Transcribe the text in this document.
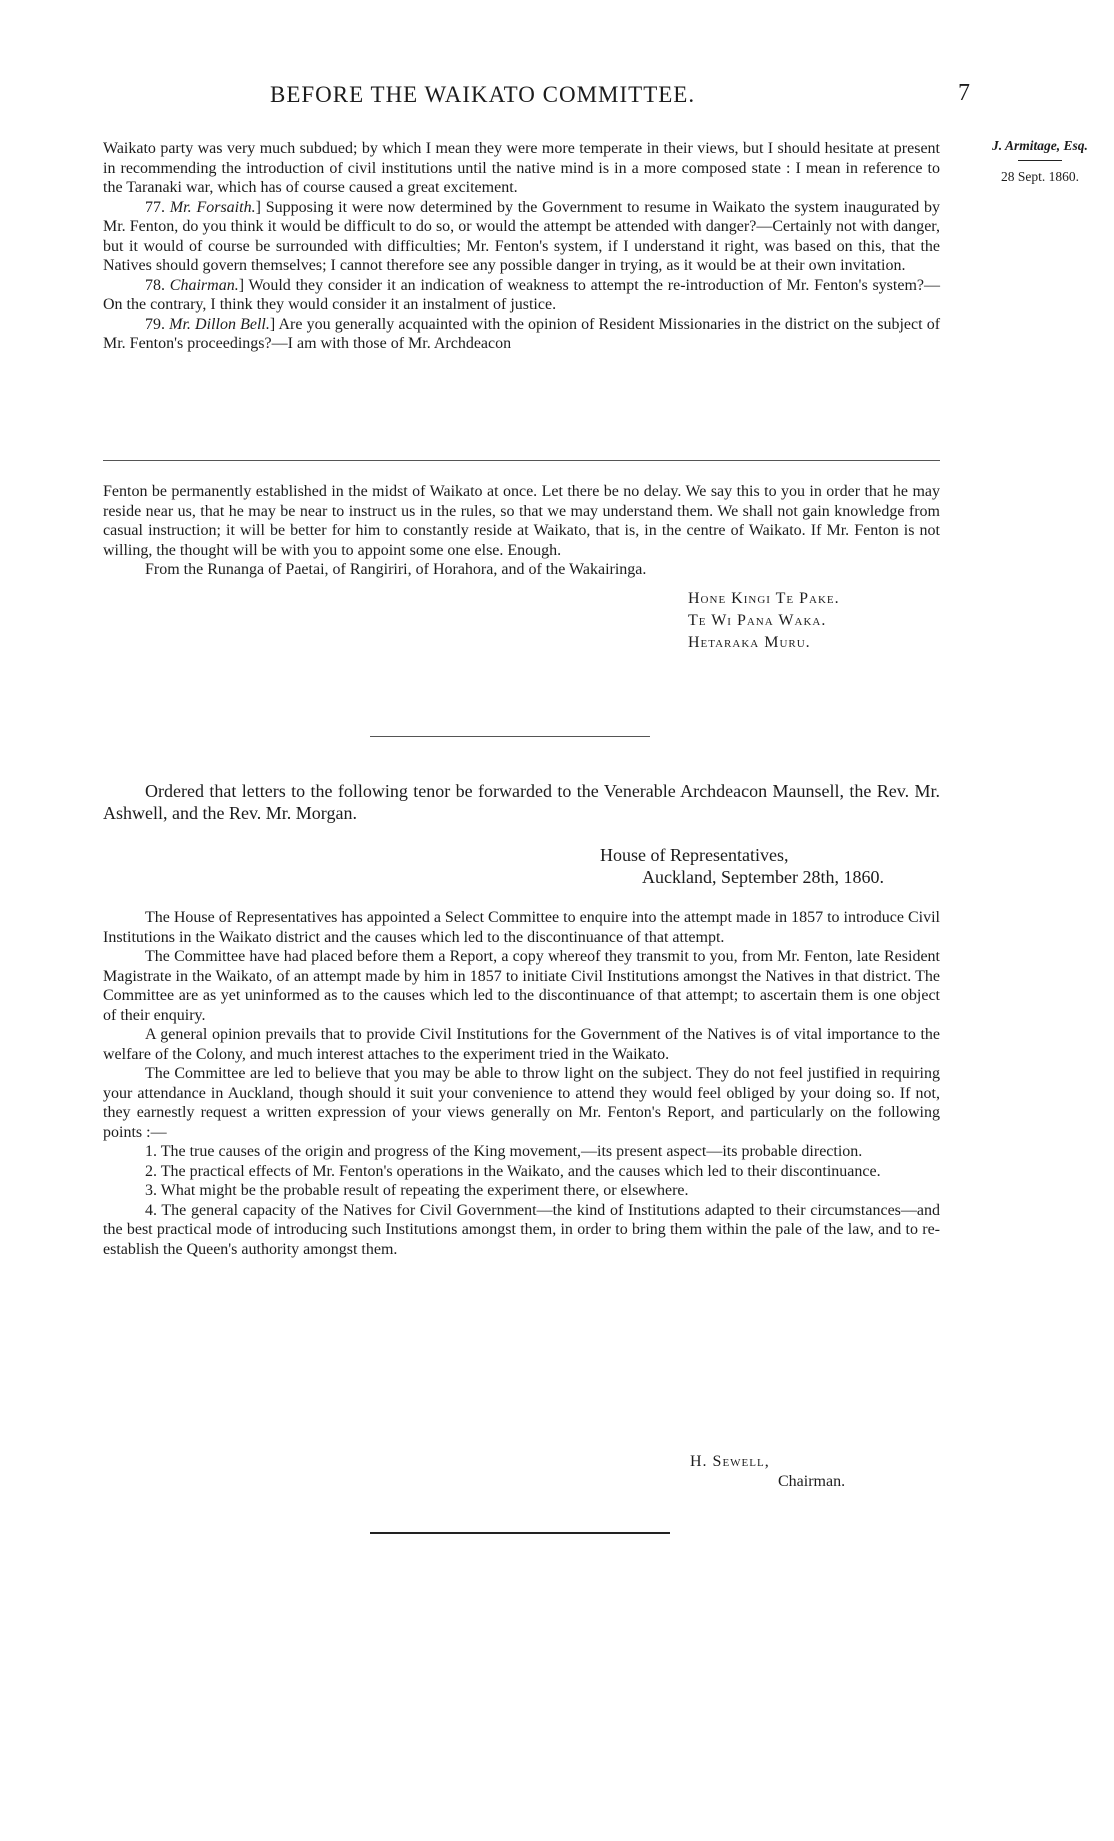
BEFORE THE WAIKATO COMMITTEE.	7
J. Armitage, Esq.
28 Sept. 1860.

Waikato party was very much subdued; by which I mean they were more temperate in their views, but I should hesitate at present in recommending the introduction of civil institutions until the native mind is in a more composed state : I mean in reference to the Taranaki war, which has of course caused a great excitement.

77. Mr. Forsaith.] Supposing it were now determined by the Government to resume in Waikato the system inaugurated by Mr. Fenton, do you think it would be difficult to do so, or would the attempt be attended with danger?—Certainly not with danger, but it would of course be surrounded with difficulties; Mr. Fenton's system, if I understand it right, was based on this, that the Natives should govern themselves; I cannot therefore see any possible danger in trying, as it would be at their own invitation.

78. Chairman.] Would they consider it an indication of weakness to attempt the re-introduction of Mr. Fenton's system?—On the contrary, I think they would consider it an instalment of justice.

79. Mr. Dillon Bell.] Are you generally acquainted with the opinion of Resident Missionaries in the district on the subject of Mr. Fenton's proceedings?—I am with those of Mr. Archdeacon

Fenton be permanently established in the midst of Waikato at once. Let there be no delay. We say this to you in order that he may reside near us, that he may be near to instruct us in the rules, so that we may understand them. We shall not gain knowledge from casual instruction; it will be better for him to constantly reside at Waikato, that is, in the centre of Waikato. If Mr. Fenton is not willing, the thought will be with you to appoint some one else. Enough.

From the Runanga of Paetai, of Rangiriri, of Horahora, and of the Wakairinga.

Hone Kingi Te Pake.
Te Wi Pana Waka.
Hetaraka Muru.

Ordered that letters to the following tenor be forwarded to the Venerable Archdeacon Maunsell, the Rev. Mr. Ashwell, and the Rev. Mr. Morgan.

House of Representatives,
Auckland, September 28th, 1860.

The House of Representatives has appointed a Select Committee to enquire into the attempt made in 1857 to introduce Civil Institutions in the Waikato district and the causes which led to the discontinuance of that attempt.

The Committee have had placed before them a Report, a copy whereof they transmit to you, from Mr. Fenton, late Resident Magistrate in the Waikato, of an attempt made by him in 1857 to initiate Civil Institutions amongst the Natives in that district. The Committee are as yet uninformed as to the causes which led to the discontinuance of that attempt; to ascertain them is one object of their enquiry.

A general opinion prevails that to provide Civil Institutions for the Government of the Natives is of vital importance to the welfare of the Colony, and much interest attaches to the experiment tried in the Waikato.

The Committee are led to believe that you may be able to throw light on the subject. They do not feel justified in requiring your attendance in Auckland, though should it suit your convenience to attend they would feel obliged by your doing so. If not, they earnestly request a written expression of your views generally on Mr. Fenton's Report, and particularly on the following points :—

1. The true causes of the origin and progress of the King movement,—its present aspect—its probable direction.

2. The practical effects of Mr. Fenton's operations in the Waikato, and the causes which led to their discontinuance.

3. What might be the probable result of repeating the experiment there, or elsewhere.

4. The general capacity of the Natives for Civil Government—the kind of Institutions adapted to their circumstances—and the best practical mode of introducing such Institutions amongst them, in order to bring them within the pale of the law, and to re-establish the Queen's authority amongst them.

H. Sewell,
Chairman.
